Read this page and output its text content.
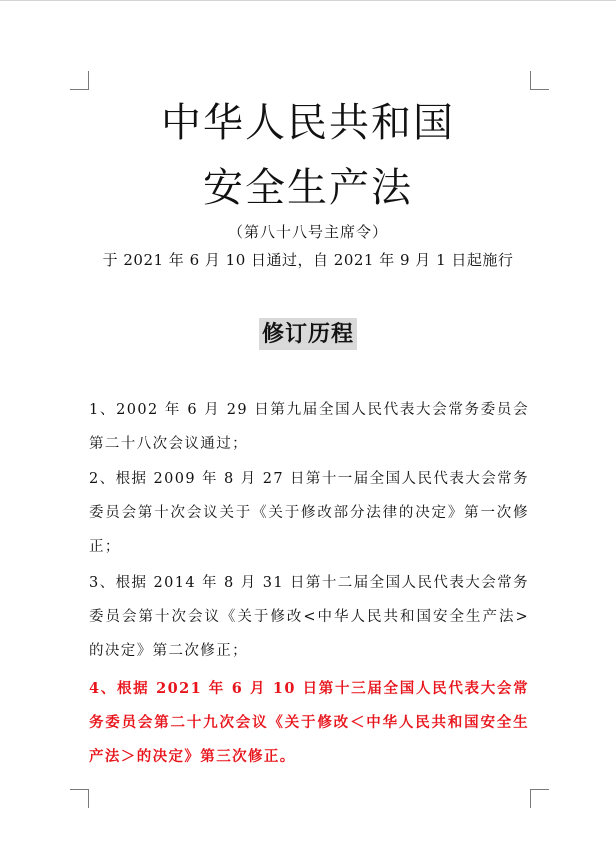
中华人民共和国
安全生产法
（第八十八号主席令）
于 2021 年 6 月 10 日通过，自 2021 年 9 月 1 日起施行
修订历程

1、2002 年 6 月 29 日第九届全国人民代表大会常务委员会第二十八次会议通过；

2、根据 2009 年 8 月 27 日第十一届全国人民代表大会常务委员会第十次会议关于《关于修改部分法律的决定》第一次修正；

3、根据 2014 年 8 月 31 日第十二届全国人民代表大会常务委员会第十次会议《关于修改<中华人民共和国安全生产法>的决定》第二次修正；

4、根据 2021 年 6 月 10 日第十三届全国人民代表大会常务委员会第二十九次会议《关于修改＜中华人民共和国安全生产法＞的决定》第三次修正。
